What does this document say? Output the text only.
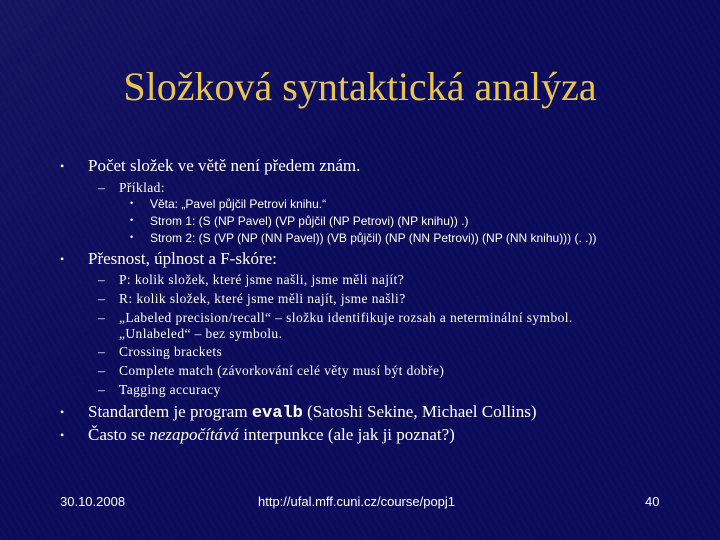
Složková syntaktická analýza
• Počet složek ve větě není předem znám.
– Příklad:
• Věta: „Pavel půjčil Petrovi knihu.“
• Strom 1: (S (NP Pavel) (VP půjčil (NP Petrovi) (NP knihu)) .)
• Strom 2: (S (VP (NP (NN Pavel)) (VB půjčil) (NP (NN Petrovi)) (NP (NN knihu))) (. .))
• Přesnost, úplnost a F-skóre:
– P: kolik složek, které jsme našli, jsme měli najít?
– R: kolik složek, které jsme měli najít, jsme našli?
– „Labeled precision/recall“ – složku identifikuje rozsah a neterminální symbol.
„Unlabeled“ – bez symbolu.
– Crossing brackets
– Complete match (závorkování celé věty musí být dobře)
– Tagging accuracy
• Standardem je program evalb (Satoshi Sekine, Michael Collins)
• Často se nezapočítává interpunkce (ale jak ji poznat?)
30.10.2008	http://ufal.mff.cuni.cz/course/popj1	40
